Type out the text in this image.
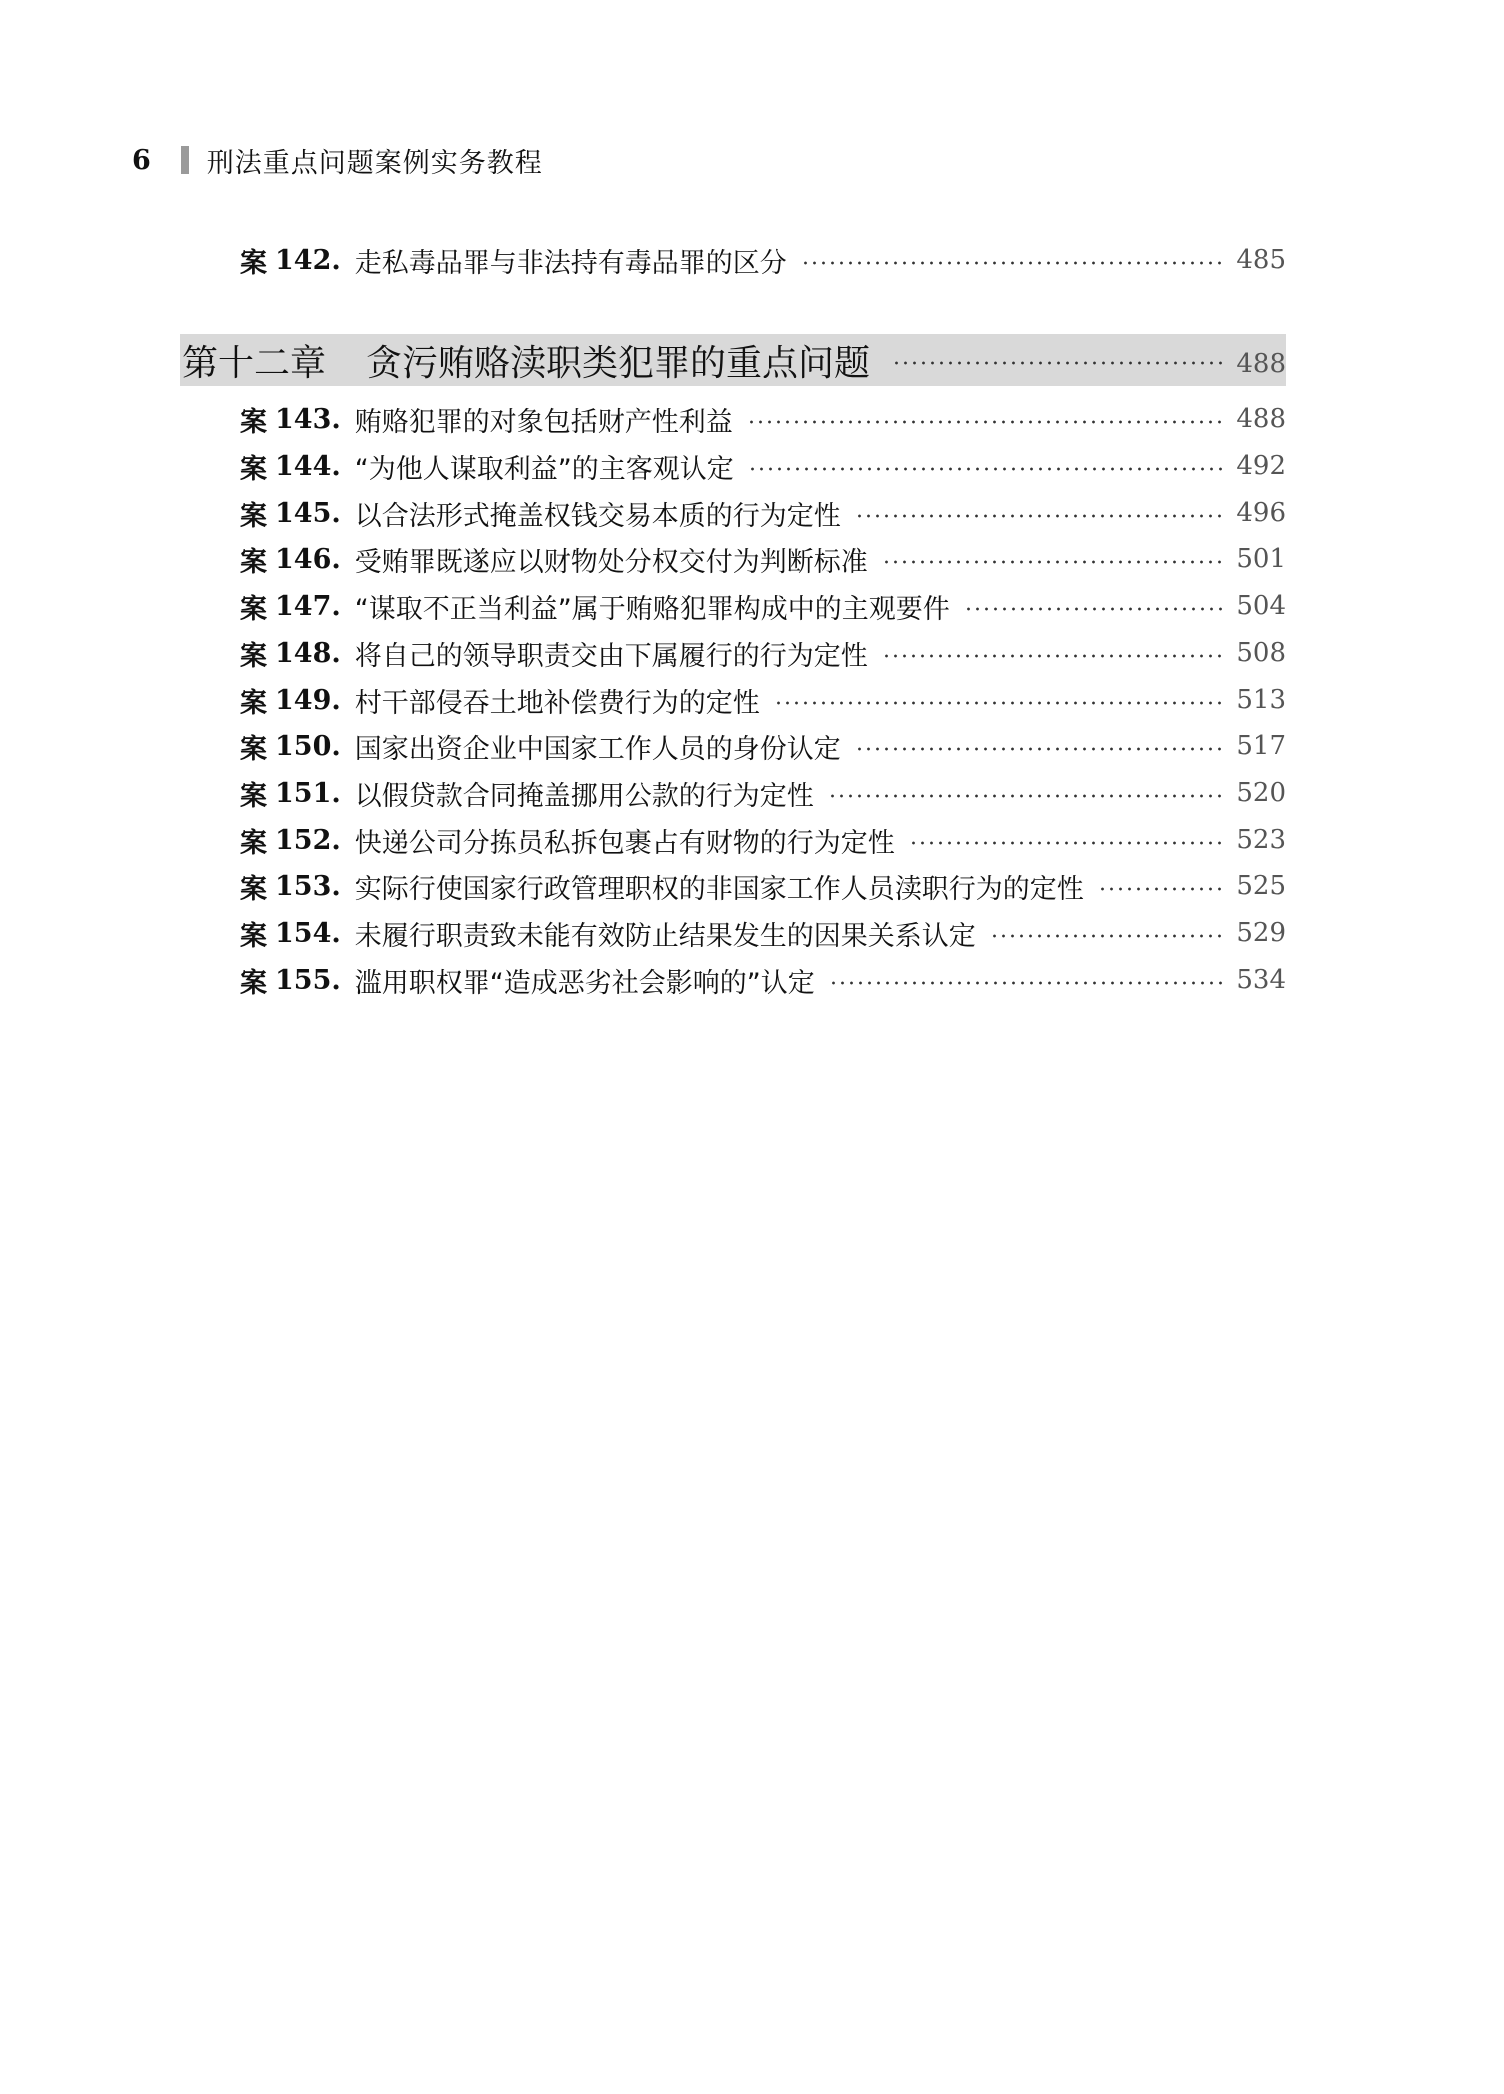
6 刑法重点问题案例实务教程
案 142. 走私毒品罪与非法持有毒品罪的区分	485
第十二章 贪污贿赂渎职类犯罪的重点问题	488
案 143. 贿赂犯罪的对象包括财产性利益	488
案 144. “为他人谋取利益”的主客观认定	492
案 145. 以合法形式掩盖权钱交易本质的行为定性	496
案 146. 受贿罪既遂应以财物处分权交付为判断标准	501
案 147. “谋取不正当利益”属于贿赂犯罪构成中的主观要件	504
案 148. 将自己的领导职责交由下属履行的行为定性	508
案 149. 村干部侵吞土地补偿费行为的定性	513
案 150. 国家出资企业中国家工作人员的身份认定	517
案 151. 以假贷款合同掩盖挪用公款的行为定性	520
案 152. 快递公司分拣员私拆包裹占有财物的行为定性	523
案 153. 实际行使国家行政管理职权的非国家工作人员渎职行为的定性	525
案 154. 未履行职责致未能有效防止结果发生的因果关系认定	529
案 155. 滥用职权罪“造成恶劣社会影响的”认定	534
